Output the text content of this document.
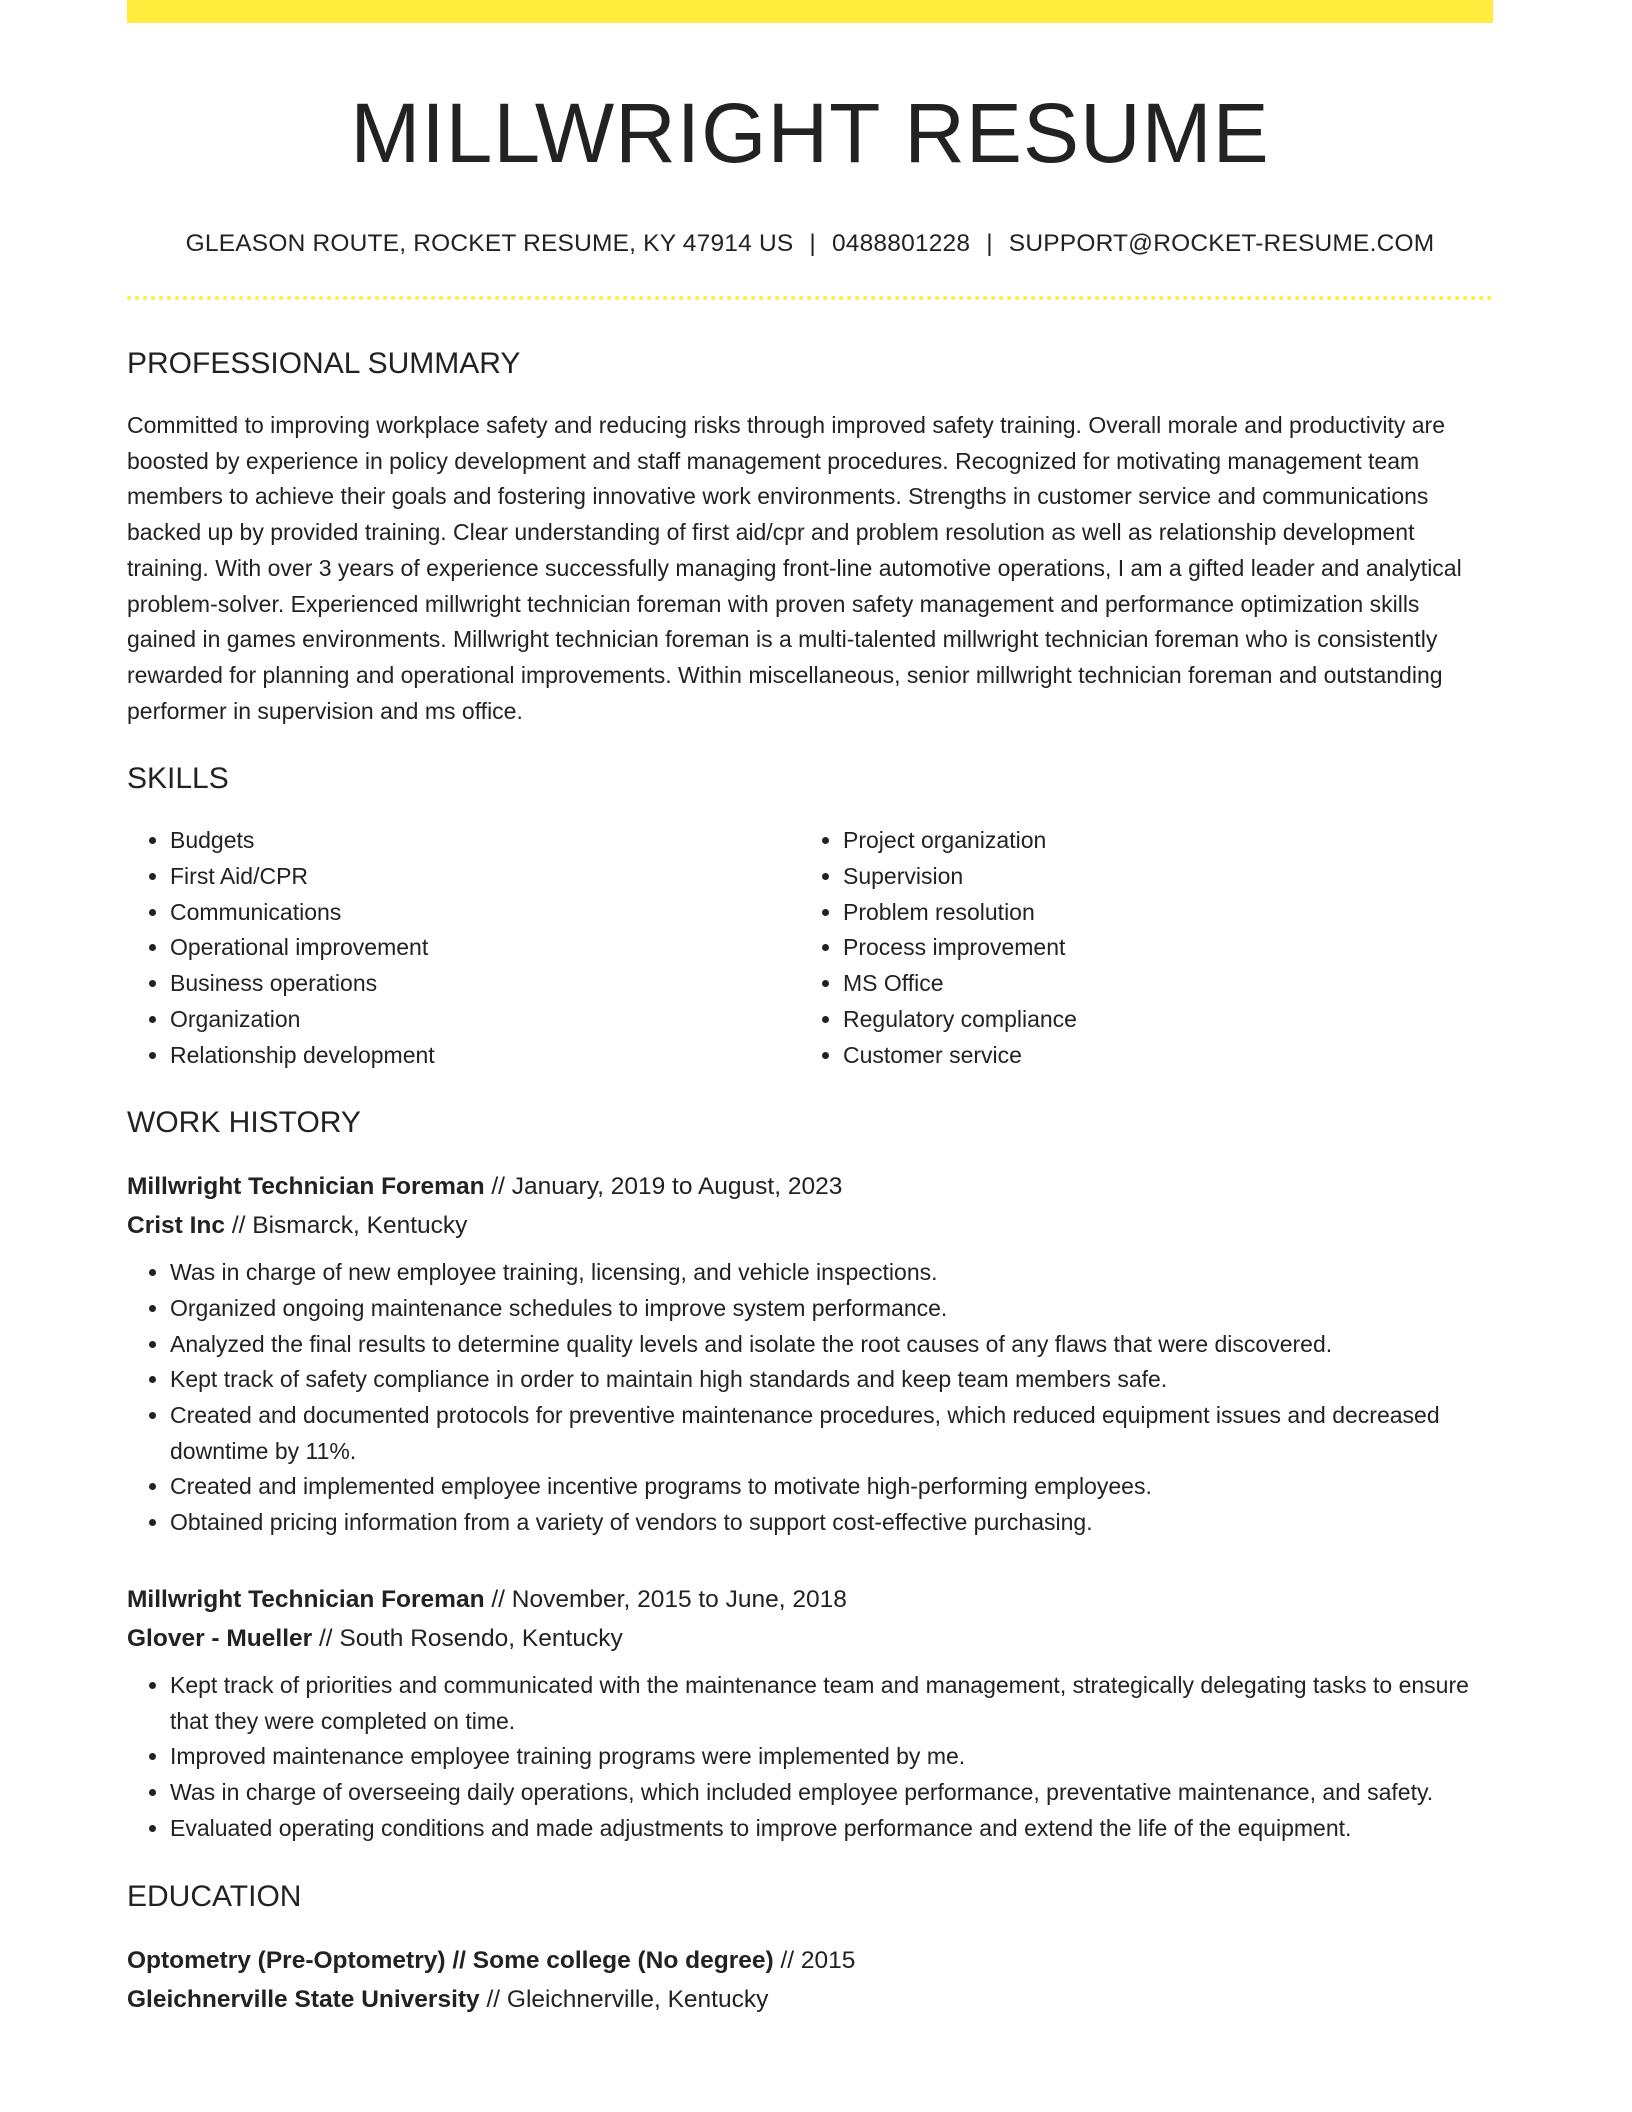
MILLWRIGHT RESUME
GLEASON ROUTE, ROCKET RESUME, KY 47914 US | 0488801228 | SUPPORT@ROCKET-RESUME.COM
PROFESSIONAL SUMMARY

Committed to improving workplace safety and reducing risks through improved safety training. Overall morale and productivity are boosted by experience in policy development and staff management procedures. Recognized for motivating management team members to achieve their goals and fostering innovative work environments. Strengths in customer service and communications backed up by provided training. Clear understanding of first aid/cpr and problem resolution as well as relationship development training. With over 3 years of experience successfully managing front-line automotive operations, I am a gifted leader and analytical problem-solver. Experienced millwright technician foreman with proven safety management and performance optimization skills gained in games environments. Millwright technician foreman is a multi-talented millwright technician foreman who is consistently rewarded for planning and operational improvements. Within miscellaneous, senior millwright technician foreman and outstanding performer in supervision and ms office.

SKILLS
• Budgets
• First Aid/CPR
• Communications
• Operational improvement
• Business operations
• Organization
• Relationship development
• Project organization
• Supervision
• Problem resolution
• Process improvement
• MS Office
• Regulatory compliance
• Customer service
WORK HISTORY
Millwright Technician Foreman // January, 2019 to August, 2023
Crist Inc // Bismarck, Kentucky
• Was in charge of new employee training, licensing, and vehicle inspections.
• Organized ongoing maintenance schedules to improve system performance.
• Analyzed the final results to determine quality levels and isolate the root causes of any flaws that were discovered.
• Kept track of safety compliance in order to maintain high standards and keep team members safe.
• Created and documented protocols for preventive maintenance procedures, which reduced equipment issues and decreased downtime by 11%.
• Created and implemented employee incentive programs to motivate high-performing employees.
• Obtained pricing information from a variety of vendors to support cost-effective purchasing.
Millwright Technician Foreman // November, 2015 to June, 2018
Glover - Mueller // South Rosendo, Kentucky
• Kept track of priorities and communicated with the maintenance team and management, strategically delegating tasks to ensure that they were completed on time.
• Improved maintenance employee training programs were implemented by me.
• Was in charge of overseeing daily operations, which included employee performance, preventative maintenance, and safety.
• Evaluated operating conditions and made adjustments to improve performance and extend the life of the equipment.
EDUCATION
Optometry (Pre-Optometry) // Some college (No degree) // 2015
Gleichnerville State University // Gleichnerville, Kentucky
